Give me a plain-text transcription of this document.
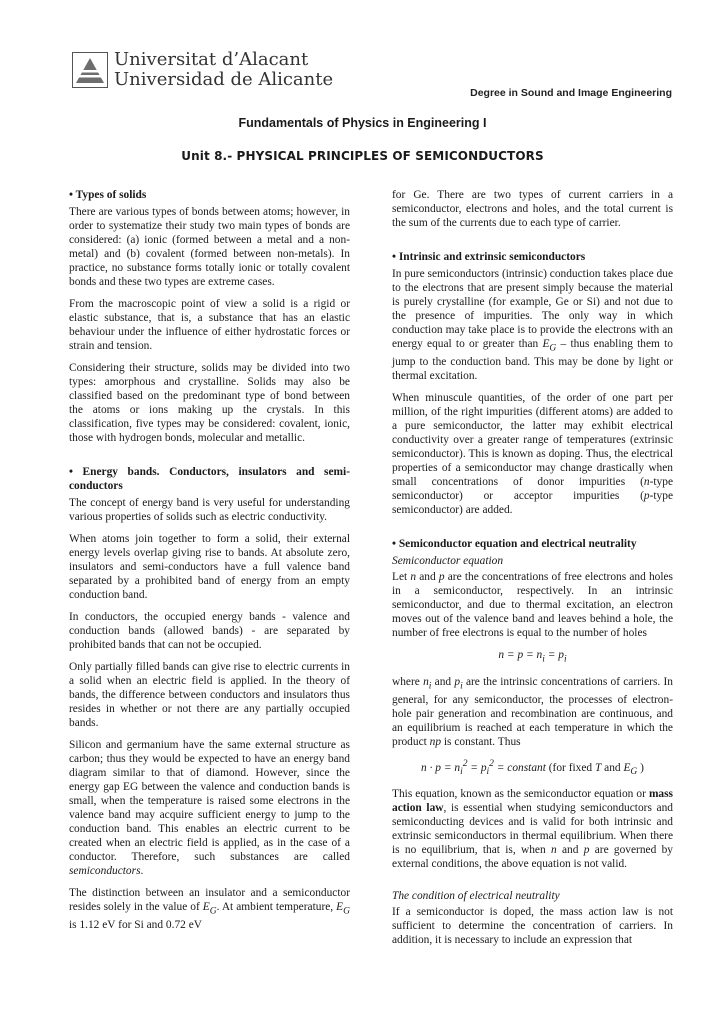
Universitat d’Alacant
Universidad de Alicante
Degree in Sound and Image Engineering
Fundamentals of Physics in Engineering I
Unit 8.- PHYSICAL PRINCIPLES OF SEMICONDUCTORS
• Types of solids

There are various types of bonds between atoms; however, in order to systematize their study two main types of bonds are considered: (a) ionic (formed between a metal and a non-metal) and (b) covalent (formed between non-metals). In practice, no substance forms totally ionic or totally covalent bonds and these two types are extreme cases.

From the macroscopic point of view a solid is a rigid or elastic substance, that is, a substance that has an elastic behaviour under the influence of either hydrostatic forces or strain and tension.

Considering their structure, solids may be divided into two types: amorphous and crystalline. Solids may also be classified based on the predominant type of bond between the atoms or ions making up the crystals. In this classification, five types may be considered: covalent, ionic, those with hydrogen bonds, molecular and metallic.

• Energy bands. Conductors, insulators and semi-conductors

The concept of energy band is very useful for understanding various properties of solids such as electric conductivity.

When atoms join together to form a solid, their external energy levels overlap giving rise to bands. At absolute zero, insulators and semi-conductors have a full valence band separated by a prohibited band of energy from an empty conduction band.

In conductors, the occupied energy bands - valence and conduction bands (allowed bands) - are separated by prohibited bands that can not be occupied.

Only partially filled bands can give rise to electric currents in a solid when an electric field is applied. In the theory of bands, the difference between conductors and insulators thus resides in whether or not there are any partially occupied bands.

Silicon and germanium have the same external structure as carbon; thus they would be expected to have an energy band diagram similar to that of diamond. However, since the energy gap EG between the valence and conduction bands is small, when the temperature is raised some electrons in the valence band may acquire sufficient energy to jump to the conduction band. This enables an electric current to be created when an electric field is applied, as in the case of a conductor. Therefore, such substances are called semiconductors.

The distinction between an insulator and a semiconductor resides solely in the value of $E_G$. At ambient temperature, $E_G$ is 1.12 eV for Si and 0.72 eV

for Ge. There are two types of current carriers in a semiconductor, electrons and holes, and the total current is the sum of the currents due to each type of carrier.

• Intrinsic and extrinsic semiconductors

In pure semiconductors (intrinsic) conduction takes place due to the electrons that are present simply because the material is purely crystalline (for example, Ge or Si) and not due to the presence of impurities. The only way in which conduction may take place is to provide the electrons with an energy equal to or greater than $E_G$ – thus enabling them to jump to the conduction band. This may be done by light or thermal excitation.

When minuscule quantities, of the order of one part per million, of the right impurities (different atoms) are added to a pure semiconductor, the latter may exhibit electrical conductivity over a greater range of temperatures (extrinsic semiconductor). This is known as doping. Thus, the electrical properties of a semiconductor may change drastically when small concentrations of donor impurities (n-type semiconductor) or acceptor impurities (p-type semiconductor) are added.

• Semiconductor equation and electrical neutrality
Semiconductor equation

Let n and p are the concentrations of free electrons and holes in a semiconductor, respectively. In an intrinsic semiconductor, and due to thermal excitation, an electron moves out of the valence band and leaves behind a hole, the number of free electrons is equal to the number of holes

$n = p = n_i = p_i$

where $n_i$ and $p_i$ are the intrinsic concentrations of carriers. In general, for any semiconductor, the processes of electron-hole pair generation and recombination are continuous, and an equilibrium is reached at each temperature in which the product np is constant. Thus

$n \cdot p = n_i^2 = p_i^2$ = constant (for fixed T and $E_G$ )

This equation, known as the semiconductor equation or mass action law, is essential when studying semiconductors and semiconducting devices and is valid for both intrinsic and extrinsic semiconductors in thermal equilibrium. When there is no equilibrium, that is, when n and p are governed by external conditions, the above equation is not valid.

The condition of electrical neutrality

If a semiconductor is doped, the mass action law is not sufficient to determine the concentration of carriers. In addition, it is necessary to include an expression that
